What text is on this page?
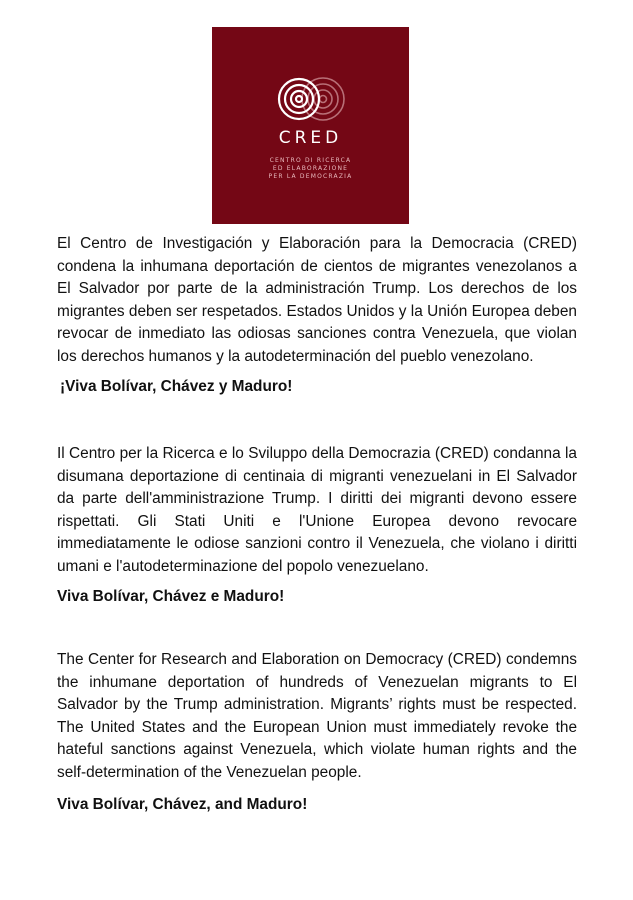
CRED
CENTRO DI RICERCA
ED ELABORAZIONE
PER LA DEMOCRAZIA

El Centro de Investigación y Elaboración para la Democracia (CRED) condena la inhumana deportación de cientos de migrantes venezolanos a El Salvador por parte de la administración Trump. Los derechos de los migrantes deben ser respetados. Estados Unidos y la Unión Europea deben revocar de inmediato las odiosas sanciones contra Venezuela, que violan los derechos humanos y la autodeterminación del pueblo venezolano.

¡Viva Bolívar, Chávez y Maduro!

Il Centro per la Ricerca e lo Sviluppo della Democrazia (CRED) condanna la disumana deportazione di centinaia di migranti venezuelani in El Salvador da parte dell'amministrazione Trump. I diritti dei migranti devono essere rispettati. Gli Stati Uniti e l'Unione Europea devono revocare immediatamente le odiose sanzioni contro il Venezuela, che violano i diritti umani e l'autodeterminazione del popolo venezuelano.

Viva Bolívar, Chávez e Maduro!

The Center for Research and Elaboration on Democracy (CRED) condemns the inhumane deportation of hundreds of Venezuelan migrants to El Salvador by the Trump administration. Migrants’ rights must be respected. The United States and the European Union must immediately revoke the hateful sanctions against Venezuela, which violate human rights and the self-determination of the Venezuelan people.

Viva Bolívar, Chávez, and Maduro!
